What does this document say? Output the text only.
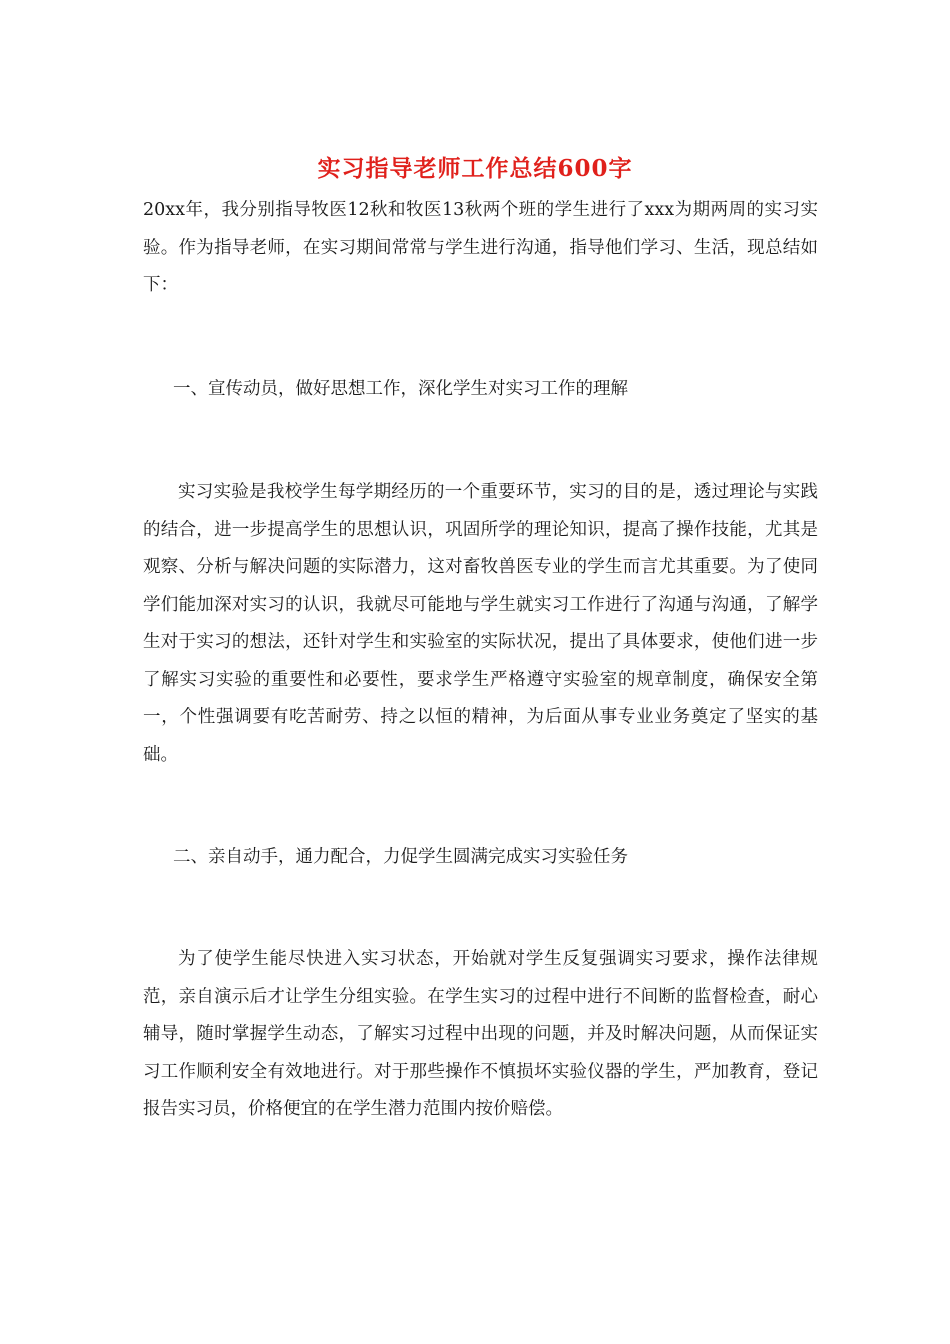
实习指导老师工作总结600字

20xx年，我分别指导牧医12秋和牧医13秋两个班的学生进行了xxx为期两周的实习实验。作为指导老师，在实习期间常常与学生进行沟通，指导他们学习、生活，现总结如下：

一、宣传动员，做好思想工作，深化学生对实习工作的理解

实习实验是我校学生每学期经历的一个重要环节，实习的目的是，透过理论与实践的结合，进一步提高学生的思想认识，巩固所学的理论知识，提高了操作技能，尤其是观察、分析与解决问题的实际潜力，这对畜牧兽医专业的学生而言尤其重要。为了使同学们能加深对实习的认识，我就尽可能地与学生就实习工作进行了沟通与沟通，了解学生对于实习的想法，还针对学生和实验室的实际状况，提出了具体要求，使他们进一步了解实习实验的重要性和必要性，要求学生严格遵守实验室的规章制度，确保安全第一，个性强调要有吃苦耐劳、持之以恒的精神，为后面从事专业业务奠定了坚实的基础。

二、亲自动手，通力配合，力促学生圆满完成实习实验任务

为了使学生能尽快进入实习状态，开始就对学生反复强调实习要求，操作法律规范，亲自演示后才让学生分组实验。在学生实习的过程中进行不间断的监督检查，耐心辅导，随时掌握学生动态，了解实习过程中出现的问题，并及时解决问题，从而保证实习工作顺利安全有效地进行。对于那些操作不慎损坏实验仪器的学生，严加教育，登记报告实习员，价格便宜的在学生潜力范围内按价赔偿。
